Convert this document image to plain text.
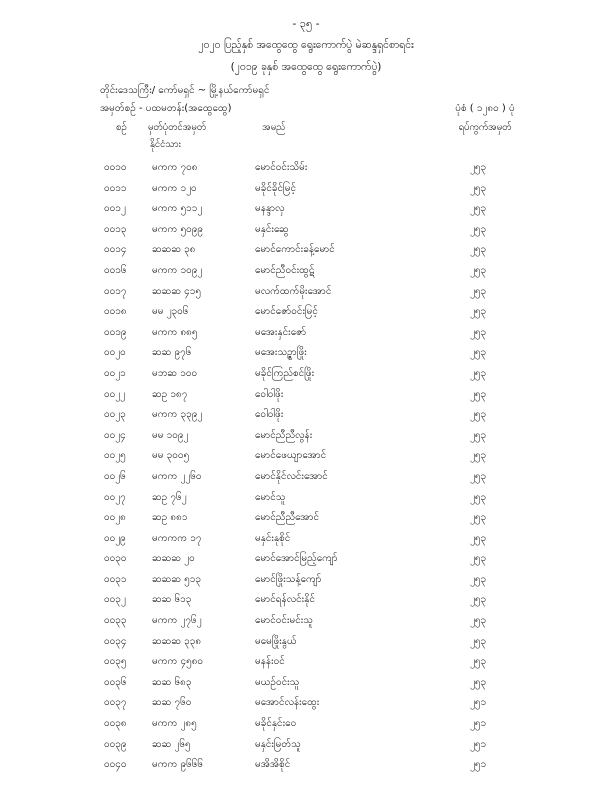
- ၃၅ -
၂၀၂၀ ပြည့်နှစ် အထွေထွေ ရွေးကောက်ပွဲ မဲဆန္ဒရှင်စာရင်း
(၂၀၁၉ ခုနှစ် အထွေထွေ ရွေးကောက်ပွဲ)
တိုင်းဒေသကြီး/ ကော်မရှင် ~ မြို့နယ်ကော်မရှင်
အမှတ်စဉ် - ပထမတန်း(အထွေထွေ)	ပုံစံ ( ၁၂၈၀ ) ပုံ
စဉ် မှတ်ပုံတင်အမှတ်	အမည်	ရပ်ကွက်အမှတ်
နိုင်ငံသား
၀၀၁၀	မကက ၇၀၈	မောင်ဝင်းသိမ်း	၂၅၃
၀၀၁၁	မကက ၁၂၀	မခိုင်ခိုင်မြင့်	၂၅၃
၀၀၁၂	မကက ၅၁၁၂	မနန္ဒာလှ	၂၅၃
၀၀၁၃	မကက ၅၀၉၉	မနှင်းဆွေ	၂၅၃
၀၀၁၄	ဆဆဆ ၃၈	မောင်ကောင်းခန့်မောင်	၂၅၃
၀၀၁၆	မကက ၁၀၉၂	မောင်ညီဝင်းထွဋ်	၂၅၃
၀၀၁၇	ဆဆဆ ၄၁၅	မလက်ထက်မိုးအောင်	၂၅၃
၀၀၁၈	မမ ၂၃၀၆	မောင်ဇော်ဝင်းမြင့်	၂၅၃
၀၀၁၉	မကက ၈၈၅	မအေးနှင်းဇော်	၂၅၃
၀၀၂၀	ဆဆ ၉၇၆	မအေးသဉ္ဇာဖြိုး	၂၅၃
၀၀၂၁	မဘဆ ၁၀၀	မခိုင်ကြည်စင်ဖြိုး	၂၅၃
၀၀၂၂	ဆဥ ၁၈၇	ဝေါဝါဖိုး	၂၅၃
၀၀၂၃	မကက ၃၃၉၂	ဝေါဝါဖိုး	၂၅၃
၀၀၂၄	မမ ၁၀၉၂	မောင်ညီညီလွန်း	၂၅၃
၀၀၂၅	မမ ၃၀၀၅	မောင်ဖေယျာအောင်	၂၅၃
၀၀၂၆	မကက ၂၂၆၀	မောင်နိုင်လင်းအောင်	၂၅၃
၀၀၂၇	ဆဥ ၇၆၂	မောင်သူ	၂၅၃
၀၀၂၈	ဆဥ ၈၈၁	မောင်ညီညီအောင်	၂၅၃
၀၀၂၉	မကကက ၁၇	မနှင်းနုစိုင်	၂၅၃
၀၀၃၀	ဆဆဆ ၂၀	မောင်အောင်မြည့်ကျော်	၂၅၃
၀၀၃၁	ဆဆဆ ၅၁၃	မောင်ဖြိုးသန့်ကျော်	၂၅၃
၀၀၃၂	ဆဆ ၆၁၃	မောင်ရန်လင်းနိုင်	၂၅၃
၀၀၃၃	မကက ၂၇၆၂	မောင်ဝင်းမင်းသူ	၂၅၃
၀၀၃၄	ဆဆဆ ၃၃၈	မမေဖြိုးနွယ်	၂၅၃
၀၀၃၅	မကက ၄၅၈၀	မနန်းဝင်	၂၅၃
၀၀၃၆	ဆဆ ၆၈၃	မယဉ်ဝင်းသူ	၂၅၃
၀၀၃၇	ဆဆ ၇၆၀	မအောင်လန်းထွေး	၂၅၁
၀၀၃၈	မကက ၂၈၅	မခိုင်နှင်းဝေ	၂၅၁
၀၀၃၉	ဆဆ ၂၆၅	မနှင်းမြတ်သူ	၂၅၁
၀၀၄၀	မကက ၉၆၆၆	မအိအိစိုင်	၂၅၁
